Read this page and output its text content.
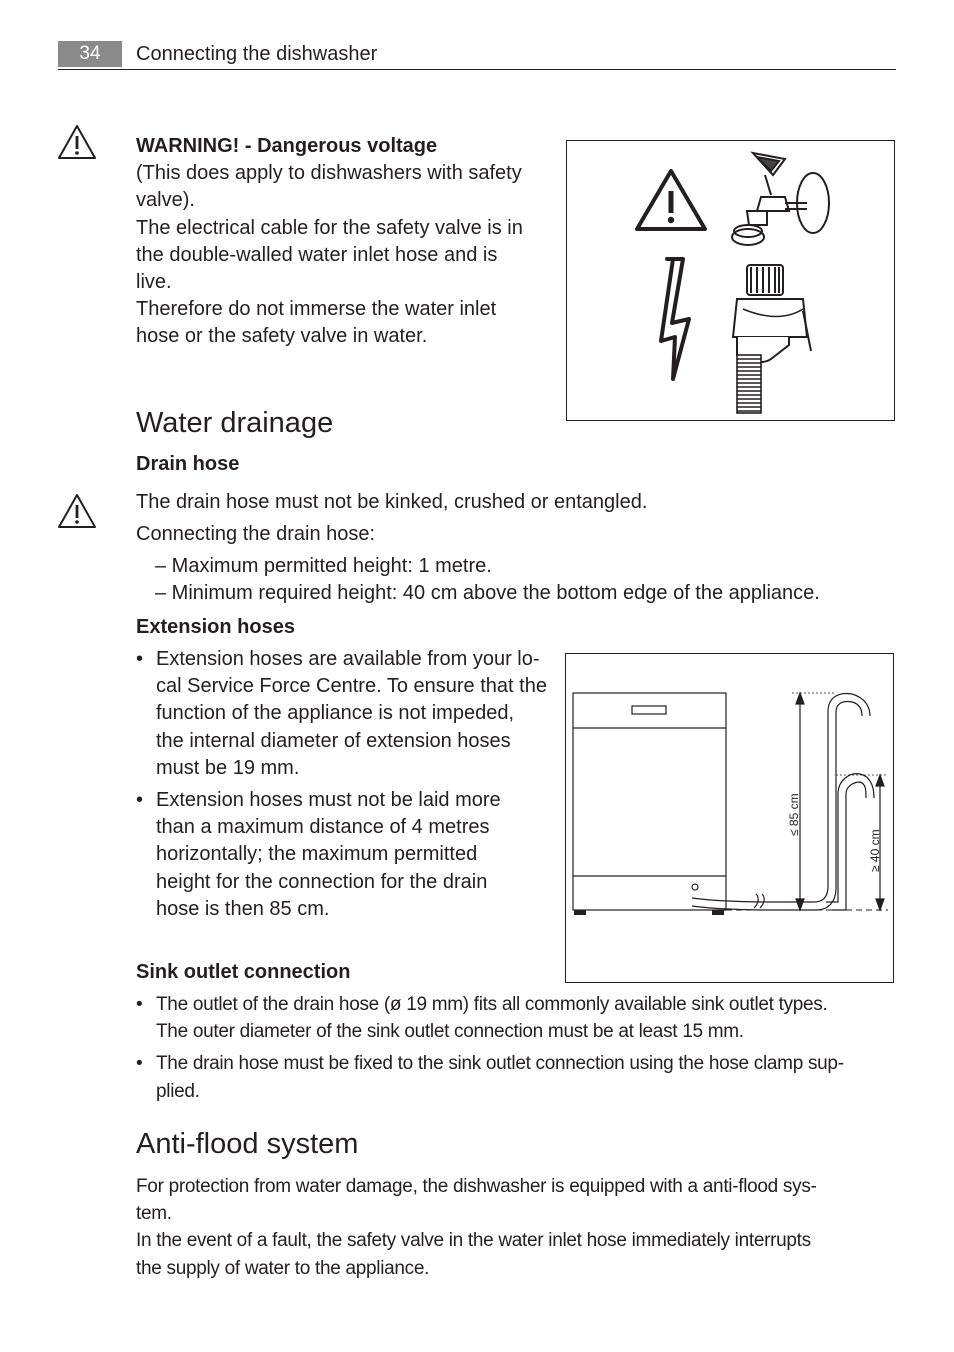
34	Connecting the dishwasher

WARNING! - Dangerous voltage

(This does apply to dishwashers with safety

valve).

The electrical cable for the safety valve is in

the double-walled water inlet hose and is

live.

Therefore do not immerse the water inlet

hose or the safety valve in water.

Water drainage
Drain hose
The drain hose must not be kinked, crushed or entangled.
Connecting the drain hose:
– Maximum permitted height: 1 metre.
– Minimum required height: 40 cm above the bottom edge of the appliance.
Extension hoses
• Extension hoses are available from your lo-

cal Service Force Centre. To ensure that the

function of the appliance is not impeded,

the internal diameter of extension hoses

must be 19 mm.

• Extension hoses must not be laid more

than a maximum distance of 4 metres

horizontally; the maximum permitted

height for the connection for the drain

hose is then 85 cm.

≤ 85 cm
≥ 40 cm
Sink outlet connection
• The outlet of the drain hose (ø 19 mm) fits all commonly available sink outlet types.

The outer diameter of the sink outlet connection must be at least 15 mm.

• The drain hose must be fixed to the sink outlet connection using the hose clamp sup-

plied.

Anti-flood system

For protection from water damage, the dishwasher is equipped with a anti-flood sys-

tem.

In the event of a fault, the safety valve in the water inlet hose immediately interrupts

the supply of water to the appliance.
